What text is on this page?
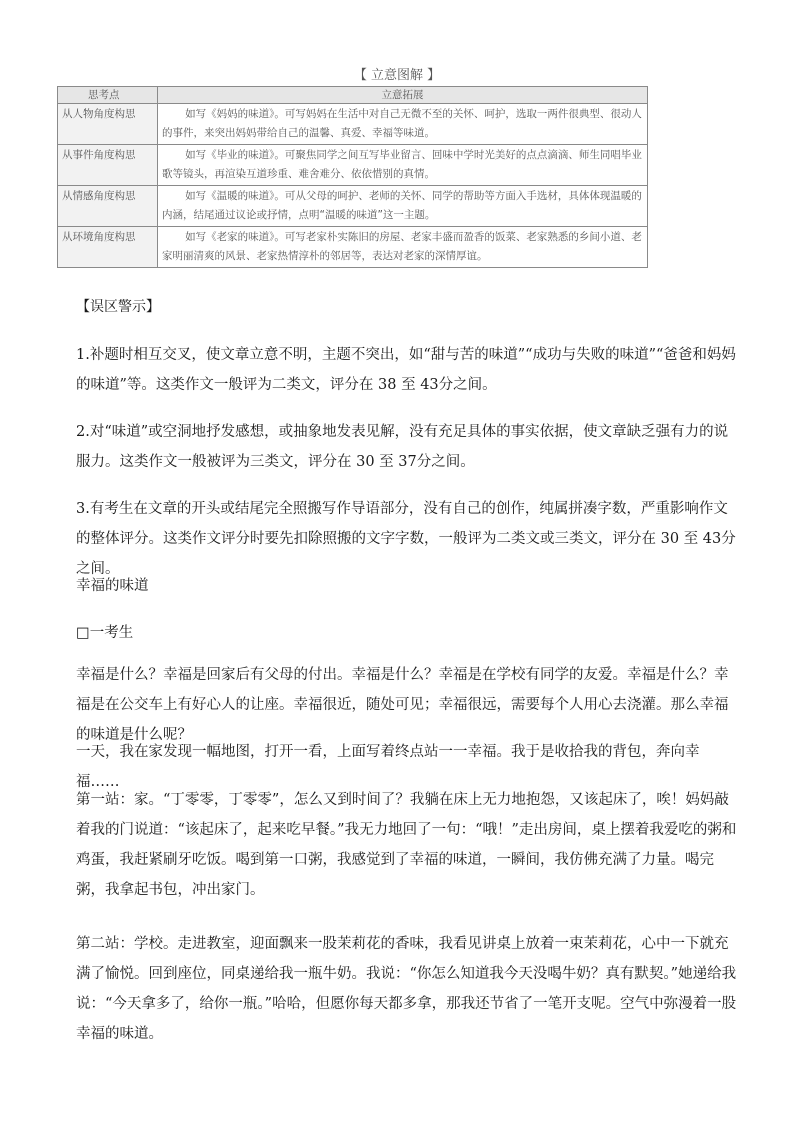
【 立意图解 】
思考点	立意拓展
从人物角度构思	如写《妈妈的味道》。可写妈妈在生活中对自己无微不至的关怀、呵护，选取一两件很典型、很动人的事件，来突出妈妈带给自己的温馨、真爱、幸福等味道。
从事件角度构思	如写《毕业的味道》。可聚焦同学之间互写毕业留言、回味中学时光美好的点点滴滴、师生同唱毕业歌等镜头，再渲染互道珍重、难舍难分、依依惜别的真情。
从情感角度构思	如写《温暖的味道》。可从父母的呵护、老师的关怀、同学的帮助等方面入手选材，具体体现温暖的内涵，结尾通过议论或抒情，点明“温暖的味道”这一主题。
从环境角度构思	如写《老家的味道》。可写老家朴实陈旧的房屋、老家丰盛而盈香的饭菜、老家熟悉的乡间小道、老家明丽清爽的风景、老家热情淳朴的邻居等，表达对老家的深情厚谊。
【误区警示】

1.补题时相互交叉，使文章立意不明，主题不突出，如“甜与苦的味道”“成功与失败的味道”“爸爸和妈妈的味道”等。这类作文一般评为二类文，评分在 38 至 43分之间。

2.对“味道”或空洞地抒发感想，或抽象地发表见解，没有充足具体的事实依据，使文章缺乏强有力的说服力。这类作文一般被评为三类文，评分在 30 至 37分之间。

3.有考生在文章的开头或结尾完全照搬写作导语部分，没有自己的创作，纯属拼凑字数，严重影响作文的整体评分。这类作文评分时要先扣除照搬的文字字数，一般评为二类文或三类文，评分在 30 至 43分之间。

幸福的味道
□一考生

幸福是什么？幸福是回家后有父母的付出。幸福是什么？幸福是在学校有同学的友爱。幸福是什么？幸福是在公交车上有好心人的让座。幸福很近，随处可见；幸福很远，需要每个人用心去浇灌。那么幸福的味道是什么呢？

一天，我在家发现一幅地图，打开一看，上面写着终点站一一幸福。我于是收拾我的背包，奔向幸福……

第一站：家。“丁零零，丁零零”，怎么又到时间了？我躺在床上无力地抱怨，又该起床了，唉！妈妈敲着我的门说道：“该起床了，起来吃早餐。”我无力地回了一句：“哦！”走出房间，桌上摆着我爱吃的粥和鸡蛋，我赶紧刷牙吃饭。喝到第一口粥，我感觉到了幸福的味道，一瞬间，我仿佛充满了力量。喝完粥，我拿起书包，冲出家门。

第二站：学校。走进教室，迎面飘来一股茉莉花的香味，我看见讲桌上放着一束茉莉花，心中一下就充满了愉悦。回到座位，同桌递给我一瓶牛奶。我说：“你怎么知道我今天没喝牛奶？真有默契。”她递给我说：“今天拿多了，给你一瓶。”哈哈，但愿你每天都多拿，那我还节省了一笔开支呢。空气中弥漫着一股幸福的味道。
